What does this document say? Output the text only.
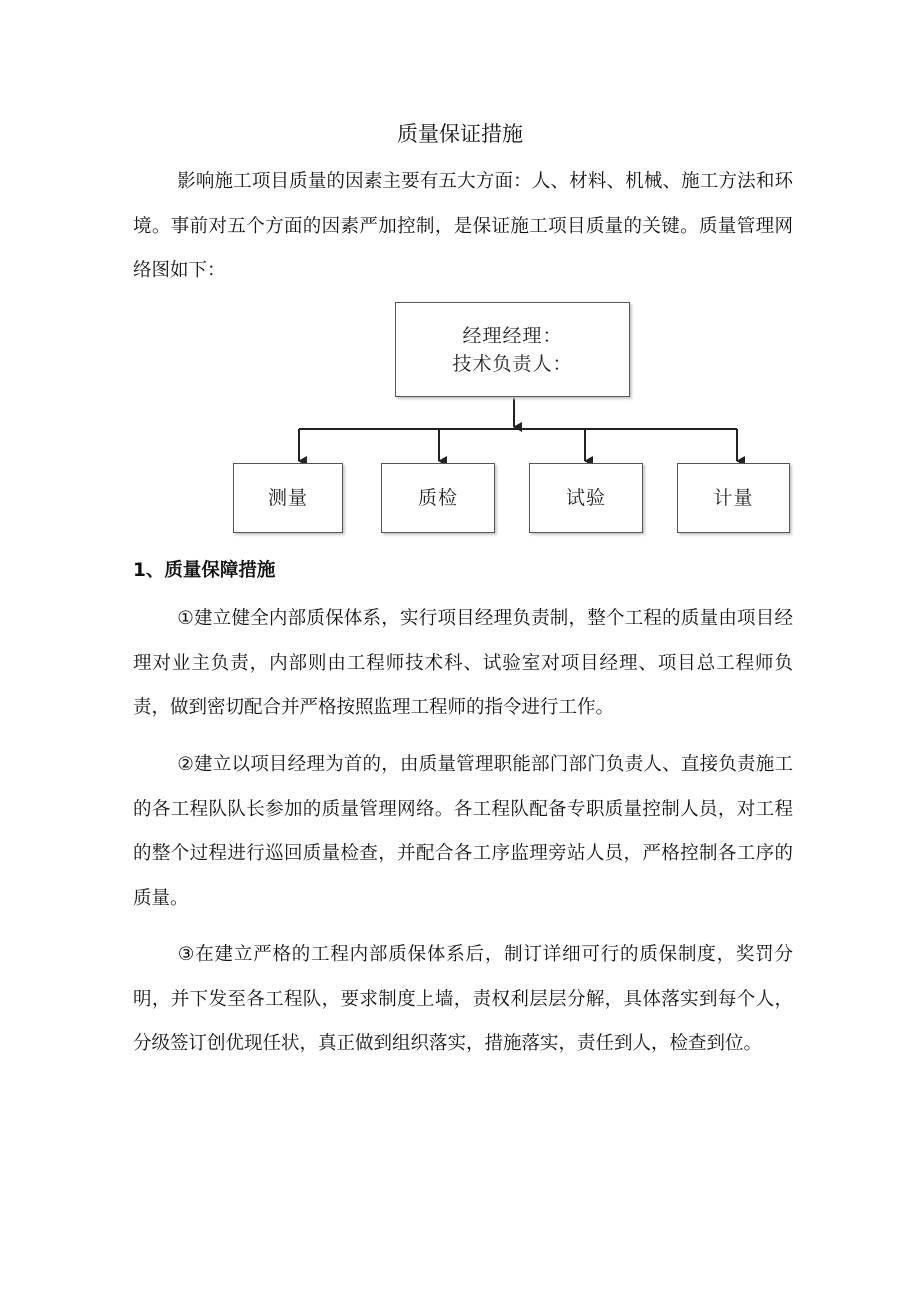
质量保证措施

影响施工项目质量的因素主要有五大方面：人、材料、机械、施工方法和环境。事前对五个方面的因素严加控制，是保证施工项目质量的关键。质量管理网络图如下：

经理经理：
技术负责人：
测量	质检	试验	计量
1、质量保障措施

①建立健全内部质保体系，实行项目经理负责制，整个工程的质量由项目经理对业主负责，内部则由工程师技术科、试验室对项目经理、项目总工程师负责，做到密切配合并严格按照监理工程师的指令进行工作。

②建立以项目经理为首的，由质量管理职能部门部门负责人、直接负责施工的各工程队队长参加的质量管理网络。各工程队配备专职质量控制人员，对工程的整个过程进行巡回质量检查，并配合各工序监理旁站人员，严格控制各工序的质量。

③在建立严格的工程内部质保体系后，制订详细可行的质保制度，奖罚分明，并下发至各工程队，要求制度上墙，责权利层层分解，具体落实到每个人，分级签订创优现任状，真正做到组织落实，措施落实，责任到人，检查到位。
